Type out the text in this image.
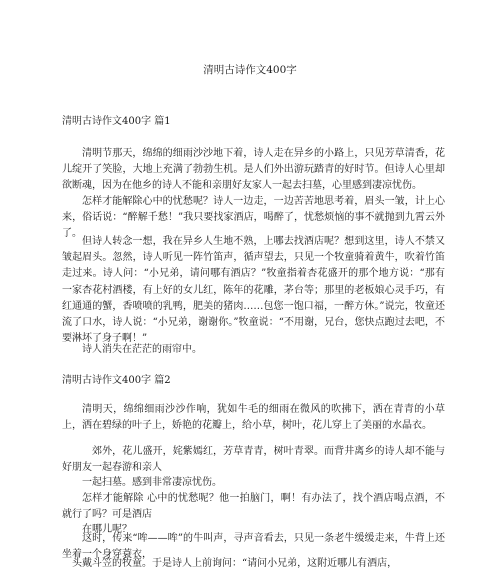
清明古诗作文400字
清明古诗作文400字 篇1
清明节那天，绵绵的细雨沙沙地下着，诗人走在异乡的小路上，只见芳草清香，花儿绽开了笑脸，大地上充满了勃勃生机。是人们外出游玩踏青的好时节。但诗人心里却欲断魂，因为在他乡的诗人不能和亲朋好友家人一起去扫墓，心里感到凄凉忧伤。
怎样才能解除心中的忧愁呢？诗人一边走，一边苦苦地思考着，眉头一皱，计上心来，俗话说：“醉解千愁！”我只要找家酒店，喝醉了，忧愁烦恼的事不就抛到九霄云外了。
但诗人转念一想，我在异乡人生地不熟，上哪去找酒店呢？想到这里，诗人不禁又皱起眉头。忽然，诗人听见一阵竹笛声，循声望去，只见一个牧童骑着黄牛，吹着竹笛走过来。诗人问：“小兄弟，请问哪有酒店？”牧童指着杏花盛开的那个地方说：“那有一家杏花村酒楼，有上好的女儿红，陈年的花雕，茅台等；那里的老板娘心灵手巧，有红通通的蟹，香喷喷的乳鸭，肥美的猪肉……包您一饱口福，一醉方休。”说完，牧童还流了口水，诗人说：“小兄弟，谢谢你。”牧童说：“不用谢，兄台，您快点跑过去吧，不要淋坏了身子啊！”
诗人消失在茫茫的雨帘中。
清明古诗作文400字 篇2
清明天，绵绵细雨沙沙作响，犹如牛毛的细雨在微风的吹拂下，洒在青青的小草上，洒在碧绿的叶子上，娇艳的花瓣上，给小草，树叶，花儿穿上了美丽的水晶衣。
郊外，花儿盛开，姹紫嫣红，芳草青青，树叶青翠。而背井离乡的诗人却不能与好朋友一起春游和亲人
一起扫墓。感到非常凄凉忧伤。
怎样才能解除 心中的忧愁呢？他一拍脑门，啊！有办法了，找个酒店喝点酒，不就行了吗？可是酒店
在哪儿呢？
这时，传来“哞——哞”的牛叫声，寻声音看去，只见一条老牛缓缓走来，牛背上还坐着一个身穿蓑衣，
头戴斗笠的牧童。于是诗人上前询问：“请问小兄弟，这附近哪儿有酒店，
